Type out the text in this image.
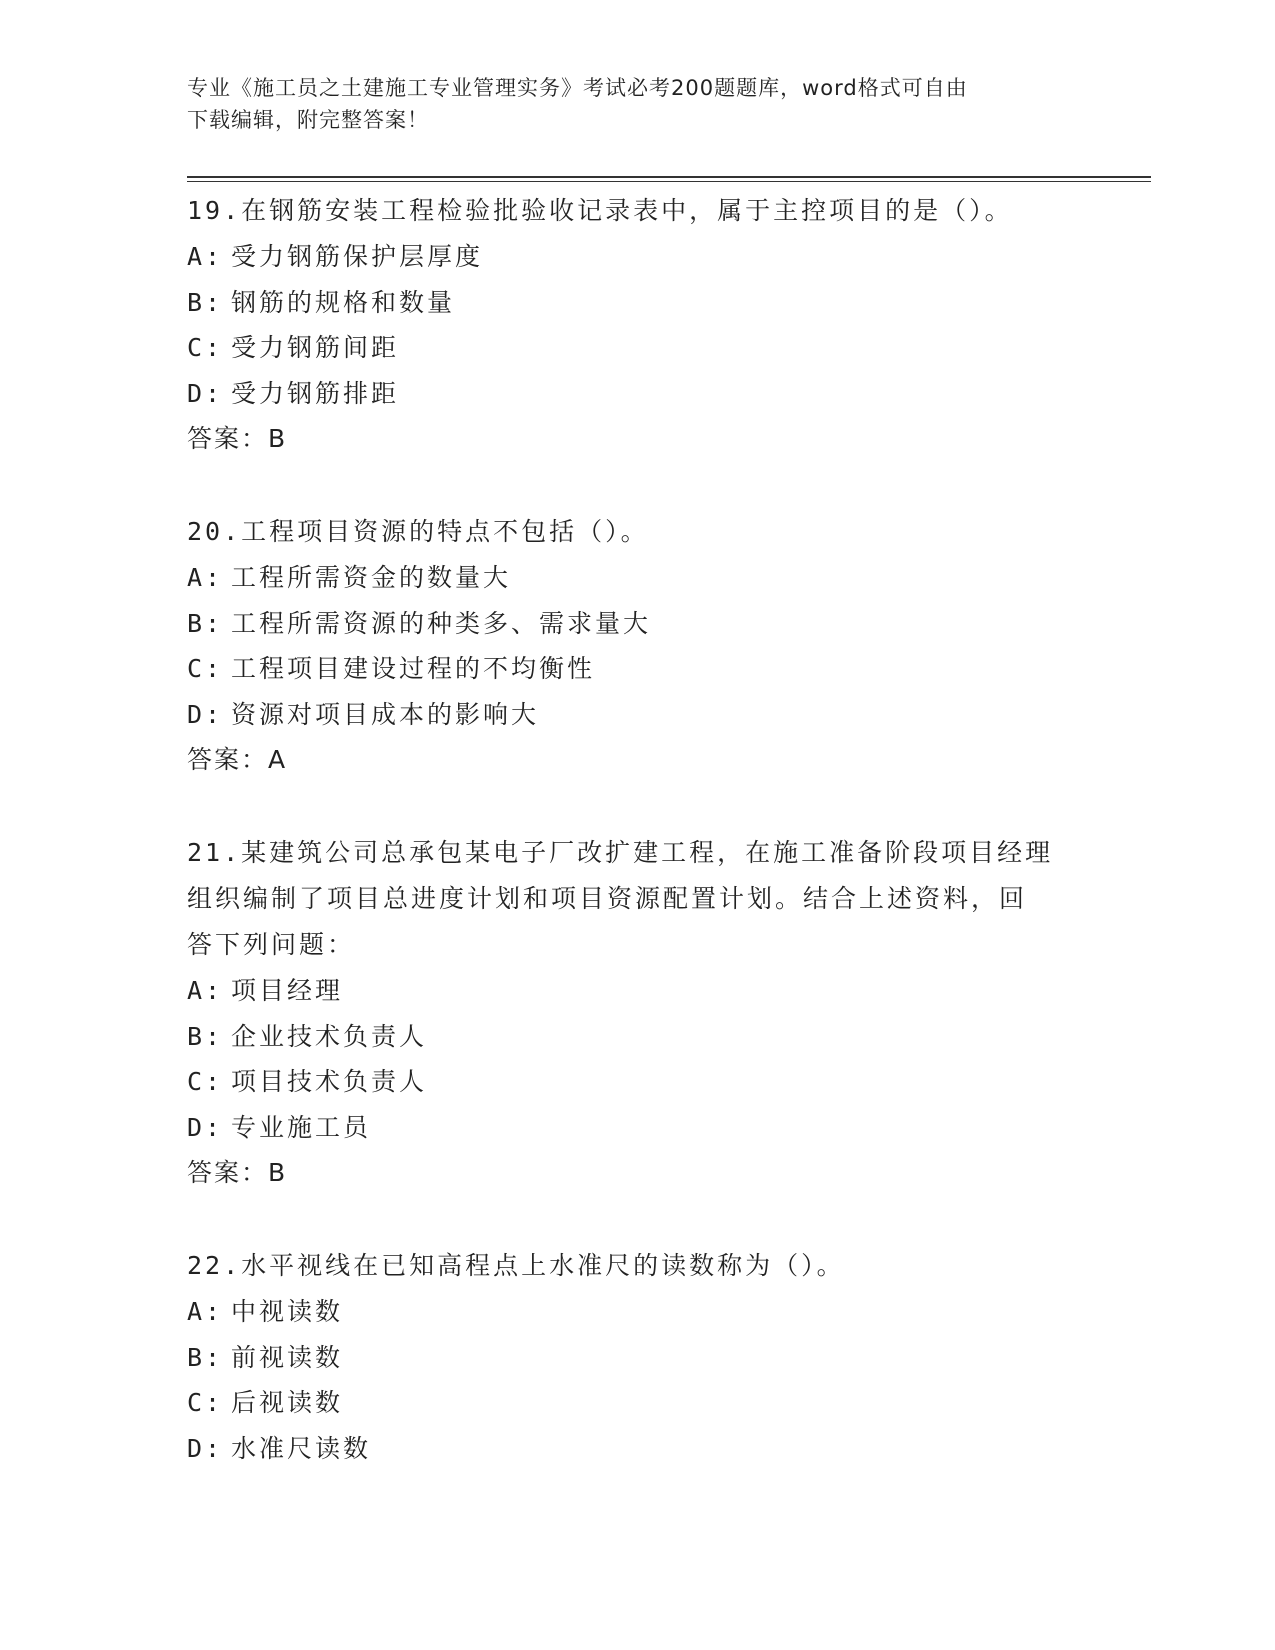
专业《施工员之土建施工专业管理实务》考试必考200题题库，word格式可自由
下载编辑，附完整答案！

19.在钢筋安装工程检验批验收记录表中，属于主控项目的是（）。

A: 受力钢筋保护层厚度
B: 钢筋的规格和数量
C: 受力钢筋间距
D: 受力钢筋排距
答案：B

20.工程项目资源的特点不包括（）。

A: 工程所需资金的数量大
B: 工程所需资源的种类多、需求量大
C: 工程项目建设过程的不均衡性
D: 资源对项目成本的影响大
答案：A

21.某建筑公司总承包某电子厂改扩建工程，在施工准备阶段项目经理

组织编制了项目总进度计划和项目资源配置计划。结合上述资料，回

答下列问题：

A: 项目经理
B: 企业技术负责人
C: 项目技术负责人
D: 专业施工员
答案：B

22.水平视线在已知高程点上水准尺的读数称为（）。

A: 中视读数
B: 前视读数
C: 后视读数
D: 水准尺读数
